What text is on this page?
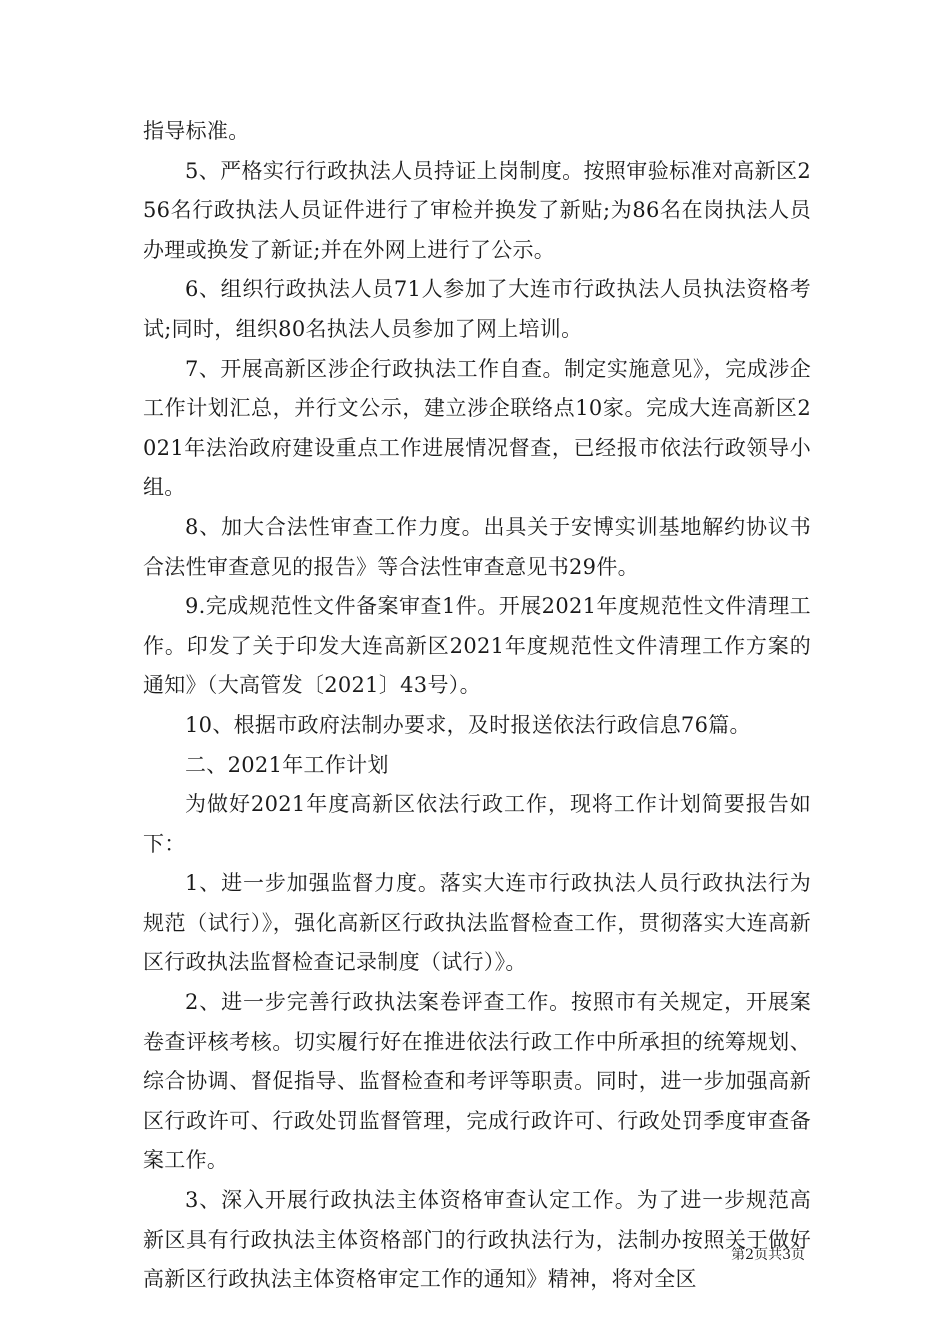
指导标准。

5、严格实行行政执法人员持证上岗制度。按照审验标准对高新区256名行政执法人员证件进行了审检并换发了新贴;为86名在岗执法人员办理或换发了新证;并在外网上进行了公示。

6、组织行政执法人员71人参加了大连市行政执法人员执法资格考试;同时，组织80名执法人员参加了网上培训。

7、开展高新区涉企行政执法工作自查。制定实施意见》，完成涉企工作计划汇总，并行文公示，建立涉企联络点10家。完成大连高新区2021年法治政府建设重点工作进展情况督查，已经报市依法行政领导小组。

8、加大合法性审查工作力度。出具关于安博实训基地解约协议书合法性审查意见的报告》等合法性审查意见书29件。

9.完成规范性文件备案审查1件。开展2021年度规范性文件清理工作。印发了关于印发大连高新区2021年度规范性文件清理工作方案的通知》（大高管发〔2021〕43号）。

10、根据市政府法制办要求，及时报送依法行政信息76篇。

二、2021年工作计划

为做好2021年度高新区依法行政工作，现将工作计划简要报告如下：

1、进一步加强监督力度。落实大连市行政执法人员行政执法行为规范（试行）》，强化高新区行政执法监督检查工作，贯彻落实大连高新区行政执法监督检查记录制度（试行）》。

2、进一步完善行政执法案卷评查工作。按照市有关规定，开展案卷查评核考核。切实履行好在推进依法行政工作中所承担的统筹规划、综合协调、督促指导、监督检查和考评等职责。同时，进一步加强高新区行政许可、行政处罚监督管理，完成行政许可、行政处罚季度审查备案工作。

3、深入开展行政执法主体资格审查认定工作。为了进一步规范高新区具有行政执法主体资格部门的行政执法行为，法制办按照关于做好高新区行政执法主体资格审定工作的通知》精神，将对全区

第2页共3页
